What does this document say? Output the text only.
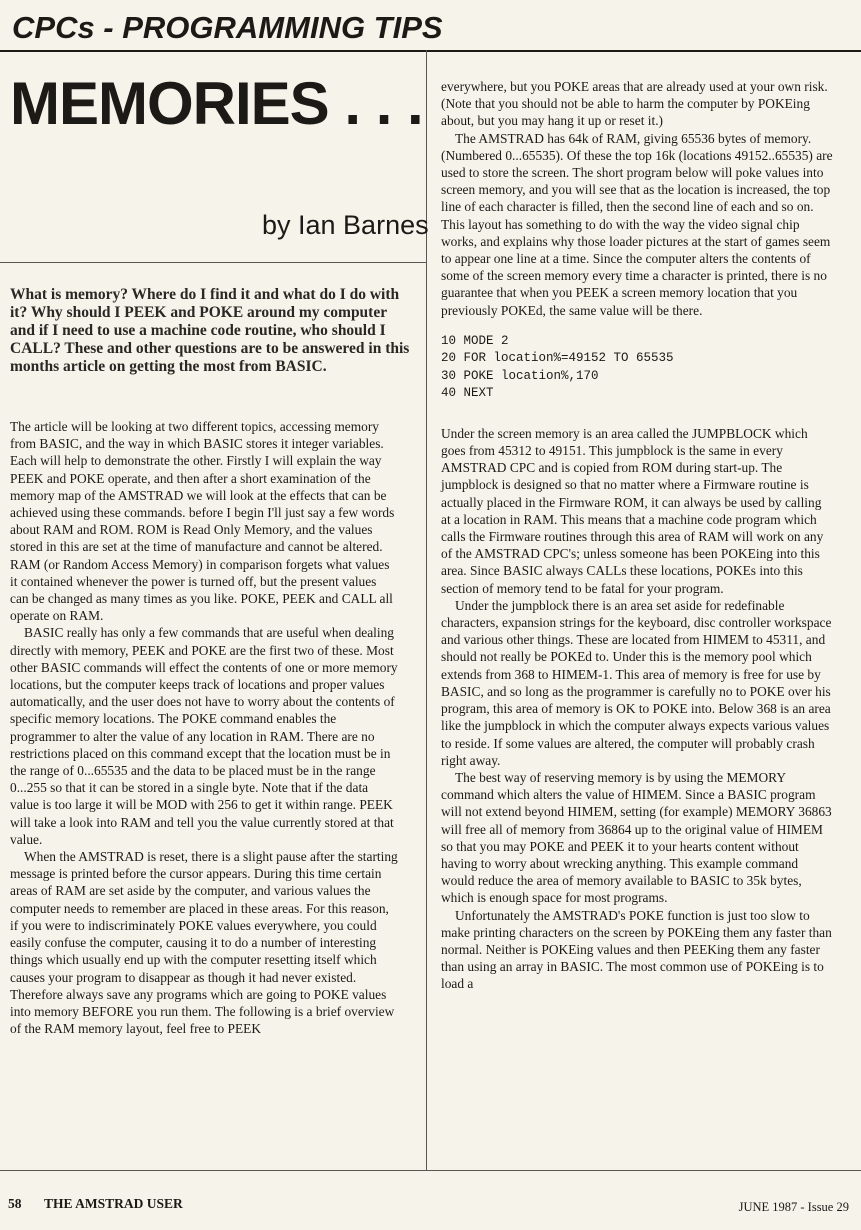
CPCs - PROGRAMMING TIPS
MEMORIES . . .
by Ian Barnes
What is memory? Where do I find it and what do I do with it? Why should I PEEK and POKE around my computer and if I need to use a machine code routine, who should I CALL? These and other questions are to be answered in this months article on getting the most from BASIC.

The article will be looking at two different topics, accessing memory from BASIC, and the way in which BASIC stores it integer variables. Each will help to demonstrate the other. Firstly I will explain the way PEEK and POKE operate, and then after a short examination of the memory map of the AMSTRAD we will look at the effects that can be achieved using these commands. before I begin I'll just say a few words about RAM and ROM. ROM is Read Only Memory, and the values stored in this are set at the time of manufacture and cannot be altered. RAM (or Random Access Memory) in comparison forgets what values it contained whenever the power is turned off, but the present values can be changed as many times as you like. POKE, PEEK and CALL all operate on RAM.

BASIC really has only a few commands that are useful when dealing directly with memory, PEEK and POKE are the first two of these. Most other BASIC commands will effect the contents of one or more memory locations, but the computer keeps track of locations and proper values automatically, and the user does not have to worry about the contents of specific memory locations. The POKE command enables the programmer to alter the value of any location in RAM. There are no restrictions placed on this command except that the location must be in the range of 0...65535 and the data to be placed must be in the range 0...255 so that it can be stored in a single byte. Note that if the data value is too large it will be MOD with 256 to get it within range. PEEK will take a look into RAM and tell you the value currently stored at that value.

When the AMSTRAD is reset, there is a slight pause after the starting message is printed before the cursor appears. During this time certain areas of RAM are set aside by the computer, and various values the computer needs to remember are placed in these areas. For this reason, if you were to indiscriminately POKE values everywhere, you could easily confuse the computer, causing it to do a number of interesting things which usually end up with the computer resetting itself which causes your program to disappear as though it had never existed. Therefore always save any programs which are going to POKE values into memory BEFORE you run them. The following is a brief overview of the RAM memory layout, feel free to PEEK

everywhere, but you POKE areas that are already used at your own risk. (Note that you should not be able to harm the computer by POKEing about, but you may hang it up or reset it.)

The AMSTRAD has 64k of RAM, giving 65536 bytes of memory. (Numbered 0...65535). Of these the top 16k (locations 49152..65535) are used to store the screen. The short program below will poke values into screen memory, and you will see that as the location is increased, the top line of each character is filled, then the second line of each and so on. This layout has something to do with the way the video signal chip works, and explains why those loader pictures at the start of games seem to appear one line at a time. Since the computer alters the contents of some of the screen memory every time a character is printed, there is no guarantee that when you PEEK a screen memory location that you previously POKEd, the same value will be there.

10 MODE 2
20 FOR location%=49152 TO 65535
30 POKE location%,170
40 NEXT

Under the screen memory is an area called the JUMPBLOCK which goes from 45312 to 49151. This jumpblock is the same in every AMSTRAD CPC and is copied from ROM during start-up. The jumpblock is designed so that no matter where a Firmware routine is actually placed in the Firmware ROM, it can always be used by calling at a location in RAM. This means that a machine code program which calls the Firmware routines through this area of RAM will work on any of the AMSTRAD CPC's; unless someone has been POKEing into this area. Since BASIC always CALLs these locations, POKEs into this section of memory tend to be fatal for your program.

Under the jumpblock there is an area set aside for redefinable characters, expansion strings for the keyboard, disc controller workspace and various other things. These are located from HIMEM to 45311, and should not really be POKEd to. Under this is the memory pool which extends from 368 to HIMEM-1. This area of memory is free for use by BASIC, and so long as the programmer is carefully no to POKE over his program, this area of memory is OK to POKE into. Below 368 is an area like the jumpblock in which the computer always expects various values to reside. If some values are altered, the computer will probably crash right away.

The best way of reserving memory is by using the MEMORY command which alters the value of HIMEM. Since a BASIC program will not extend beyond HIMEM, setting (for example) MEMORY 36863 will free all of memory from 36864 up to the original value of HIMEM so that you may POKE and PEEK it to your hearts content without having to worry about wrecking anything. This example command would reduce the area of memory available to BASIC to 35k bytes, which is enough space for most programs.

Unfortunately the AMSTRAD's POKE function is just too slow to make printing characters on the screen by POKEing them any faster than normal. Neither is POKEing values and then PEEKing them any faster than using an array in BASIC. The most common use of POKEing is to load a

58 THE AMSTRAD USER	JUNE 1987 - Issue 29
